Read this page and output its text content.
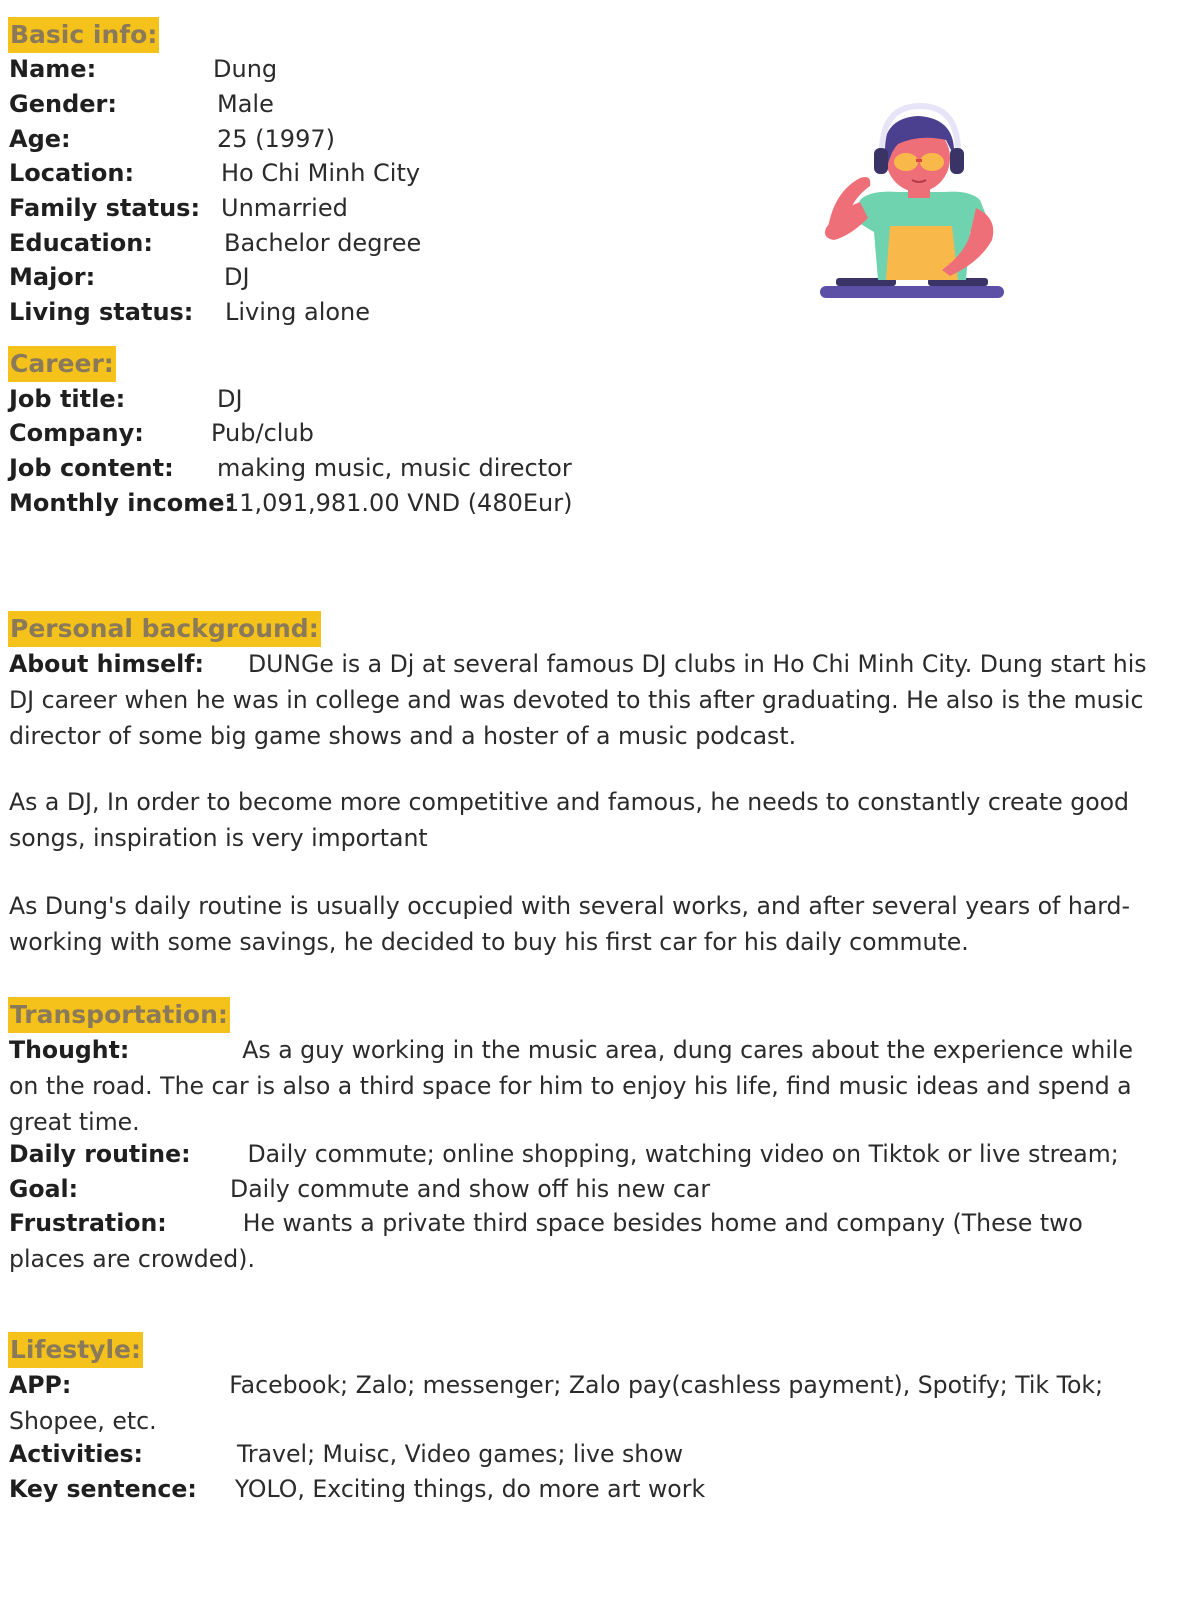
Basic info:
Name:	Dung
Gender:	Male
Age:	25 (1997)
Location:	Ho Chi Minh City
Family status: Unmarried
Education:	Bachelor degree
Major:	DJ
Living status: Living alone
Career:
Job title:	DJ
Company:	Pub/club
Job content: making music, music director
Monthly income:
11,091,981.00 VND (480Eur)
Personal background:
About himself: DUNGe is a Dj at several famous DJ clubs in Ho Chi Minh City. Dung start his DJ career when he was in college and was devoted to this after graduating. He also is the music director of some big game shows and a hoster of a music podcast.
As a DJ, In order to become more competitive and famous, he needs to constantly create good songs, inspiration is very important
As Dung's daily routine is usually occupied with several works, and after several years of hard-working with some savings, he decided to buy his first car for his daily commute.
Transportation:
Thought:	As a guy working in the music area, dung cares about the experience while on the road. The car is also a third space for him to enjoy his life, find music ideas and spend a great time.
Daily routine: Daily commute; online shopping, watching video on Tiktok or live stream;
Goal:	Daily commute and show off his new car
Frustration:	He wants a private third space besides home and company (These two places are crowded).
Lifestyle:
APP:	Facebook; Zalo; messenger; Zalo pay(cashless payment), Spotify; Tik Tok; Shopee, etc.
Activities:	Travel; Muisc, Video games; live show
Key sentence: YOLO, Exciting things, do more art work
